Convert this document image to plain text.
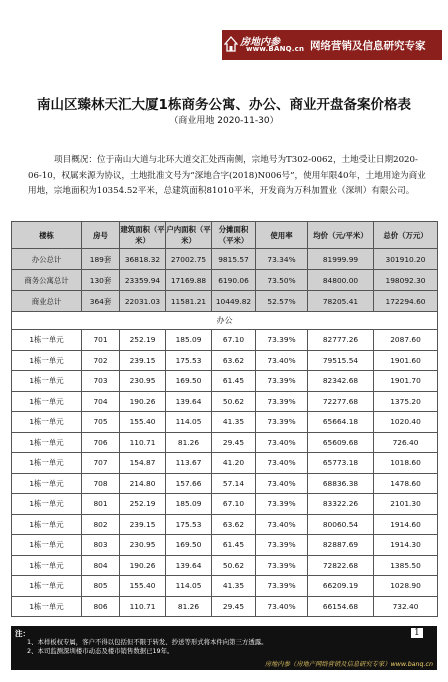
房地内参
www.BANQ.cn 网络营销及信息研究专家
南山区臻林天汇大厦1栋商务公寓、办公、商业开盘备案价格表
（商业用地 2020-11-30）
项目概况：位于南山大道与北环大道交汇处西南侧，宗地号为T302-0062，土地受让日期2020-06-10，权属来源为协议，土地批准文号为“深地合字(2018)N006号”，使用年限40年，土地用途为商业用地，宗地面积为10354.52平米，总建筑面积81010平米，开发商为万科加置业（深圳）有限公司。
楼栋	房号	建筑面积（平米）	户内面积（平米）	分摊面积（平米）	使用率	均价（元/平米）	总价（万元）
办公总计	189套	36818.32	27002.75	9815.57	73.34%	81999.99	301910.20
商务公寓总计	130套	23359.94	17169.88	6190.06	73.50%	84800.00	198092.30
商业总计	364套	22031.03	11581.21	10449.82	52.57%	78205.41	172294.60
办公							
1栋一单元	701	252.19	185.09	67.10	73.39%	82777.26	2087.60
1栋一单元	702	239.15	175.53	63.62	73.40%	79515.54	1901.60
1栋一单元	703	230.95	169.50	61.45	73.39%	82342.68	1901.70
1栋一单元	704	190.26	139.64	50.62	73.39%	72277.68	1375.20
1栋一单元	705	155.40	114.05	41.35	73.39%	65664.18	1020.40
1栋一单元	706	110.71	81.26	29.45	73.40%	65609.68	726.40
1栋一单元	707	154.87	113.67	41.20	73.40%	65773.18	1018.60
1栋一单元	708	214.80	157.66	57.14	73.40%	68836.38	1478.60
1栋一单元	801	252.19	185.09	67.10	73.39%	83322.26	2101.30
1栋一单元	802	239.15	175.53	63.62	73.40%	80060.54	1914.60
1栋一单元	803	230.95	169.50	61.45	73.39%	82887.69	1914.30
1栋一单元	804	190.26	139.64	50.62	73.39%	72822.68	1385.50
1栋一单元	805	155.40	114.05	41.35	73.39%	66209.19	1028.90
1栋一单元	806	110.71	81.26	29.45	73.40%	66154.68	732.40
注：
1、本样板权专属，客户不得以包括但不限于转发、抄送等形式将本件向第三方透露。
2、本司监测深圳楼市动态及楼市销售数据已19年。
房地内参（房地产网络营销及信息研究专家）www.banq.cn
1
